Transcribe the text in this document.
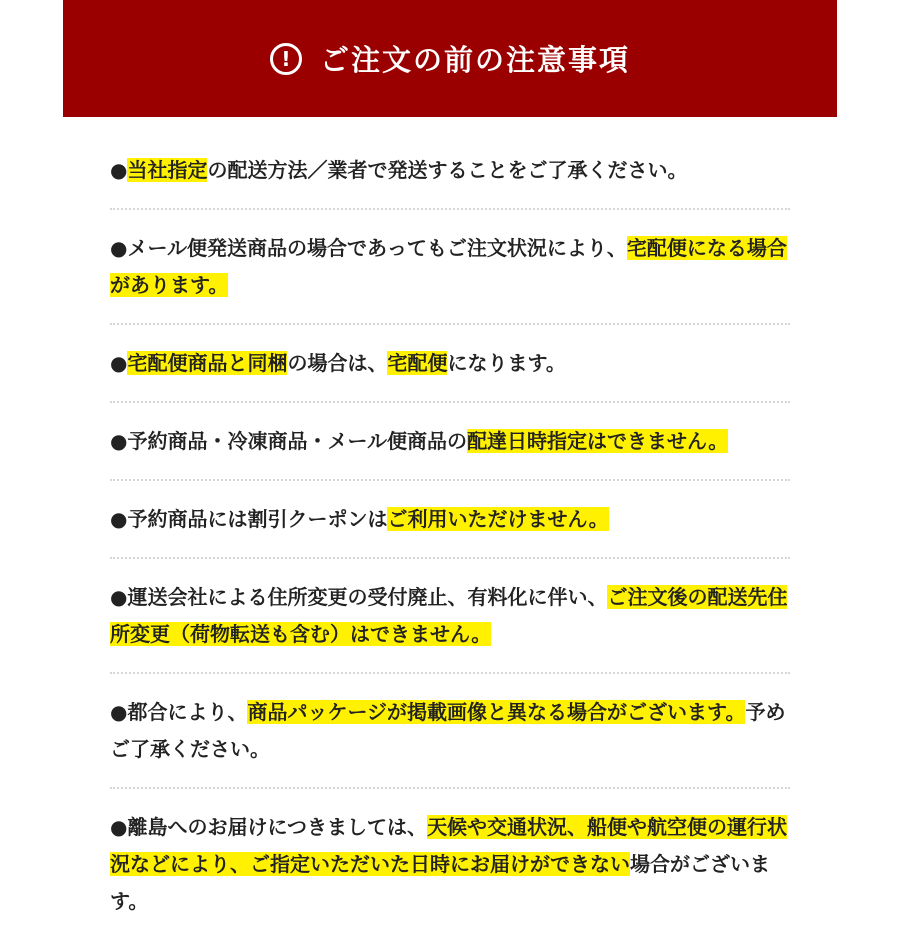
!	ご注文の前の注意事項
●当社指定の配送方法／業者で発送することをご了承ください。
●メール便発送商品の場合であってもご注文状況により、宅配便になる場合があります。
●宅配便商品と同梱の場合は、宅配便になります。
●予約商品・冷凍商品・メール便商品の配達日時指定はできません。
●予約商品には割引クーポンはご利用いただけません。
●運送会社による住所変更の受付廃止、有料化に伴い、ご注文後の配送先住所変更（荷物転送も含む）はできません。
●都合により、商品パッケージが掲載画像と異なる場合がございます。予めご了承ください。
●離島へのお届けにつきましては、天候や交通状況、船便や航空便の運行状況などにより、ご指定いただいた日時にお届けができない場合がございます。
